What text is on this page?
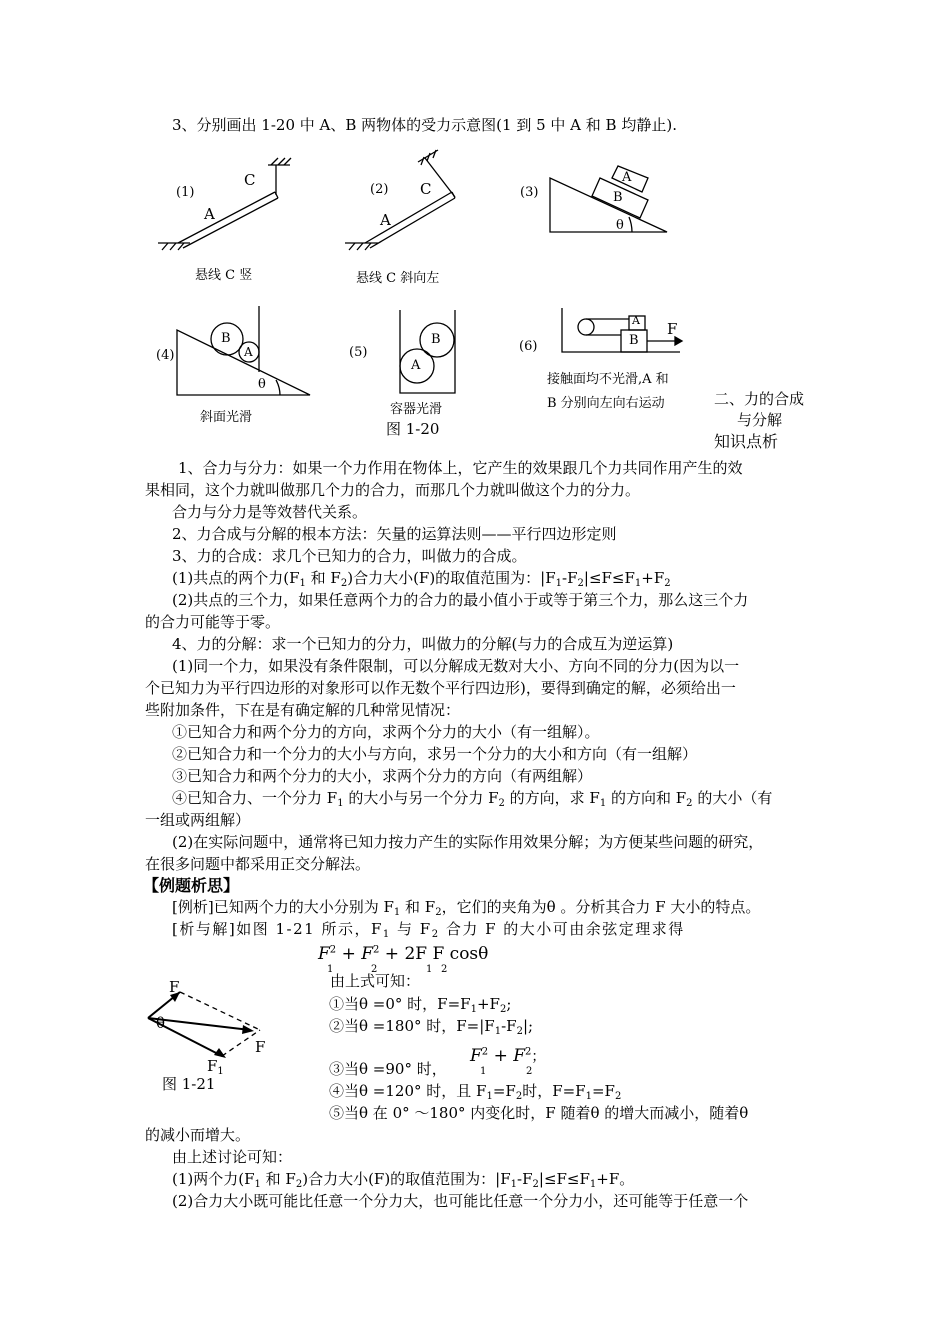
3、分别画出 1-20 中 A、B 两物体的受力示意图(1 到 5 中 A 和 B 均静止).
(1)
C
A
悬线 C 竖
(2) C
A
悬线 C 斜向左
(3)
A
B
θ
(4)
B
A
θ
斜面光滑
(5)
B
A
容器光滑
图 1-20
(6)
A
B
F
接触面均不光滑,A 和
B 分别向左向右运动	二、力的合成
与分解
知识点析
1、合力与分力：如果一个力作用在物体上，它产生的效果跟几个力共同作用产生的效
果相同，这个力就叫做那几个力的合力，而那几个力就叫做这个力的分力。
合力与分力是等效替代关系。
2、力合成与分解的根本方法：矢量的运算法则——平行四边形定则
3、力的合成：求几个已知力的合力，叫做力的合成。
(1)共点的两个力($F_1$ 和 $F_2$)合力大小(F)的取值范围为：$|F_1-F_2|\le F\le F_1+F_2$
(2)共点的三个力，如果任意两个力的合力的最小值小于或等于第三个力，那么这三个力
的合力可能等于零。
4、力的分解：求一个已知力的分力，叫做力的分解(与力的合成互为逆运算)
(1)同一个力，如果没有条件限制，可以分解成无数对大小、方向不同的分力(因为以一
个已知力为平行四边形的对象形可以作无数个平行四边形)，要得到确定的解，必须给出一
些附加条件，下在是有确定解的几种常见情况：
①已知合力和两个分力的方向，求两个分力的大小（有一组解）。
②已知合力和一个分力的大小与方向，求另一个分力的大小和方向（有一组解）
③已知合力和两个分力的大小，求两个分力的方向（有两组解）
④已知合力、一个分力 $F_1$ 的大小与另一个分力 $F_2$ 的方向，求 $F_1$ 的方向和 $F_2$ 的大小（有
一组或两组解）
(2)在实际问题中，通常将已知力按力产生的实际作用效果分解；为方便某些问题的研究，
在很多问题中都采用正交分解法。
【例题析思】
[例析]已知两个力的大小分别为 $F_1$ 和 $F_2$，它们的夹角为θ 。分析其合力 F 大小的特点。
[析与解]如图 1-21 所示，$F_1$ 与 $F_2$ 合力 F 的大小可由余弦定理求得
$F^2 + F^2 + 2F$ F cosθ
1	2	1 2
由上式可知：
①当θ =0° 时，$F=F_1+F_2$;
②当θ =180° 时，$F=|F_1-F_2|$;
③当θ =90° 时，
$F^2 + F^2$；
1	2
④当θ =120° 时，且 $F_1=F_2$时，$F=F_1=F_2$
⑤当θ 在 0° ～180° 内变化时，F 随着θ 的增大而减小，随着θ
的减小而增大。
F
θ
F
$F_1$
图 1-21
由上述讨论可知：
(1)两个力($F_1$ 和 $F_2$)合力大小(F)的取值范围为：$|F_1-F_2|\le F\le F_1+F$。
(2)合力大小既可能比任意一个分力大，也可能比任意一个分力小，还可能等于任意一个
